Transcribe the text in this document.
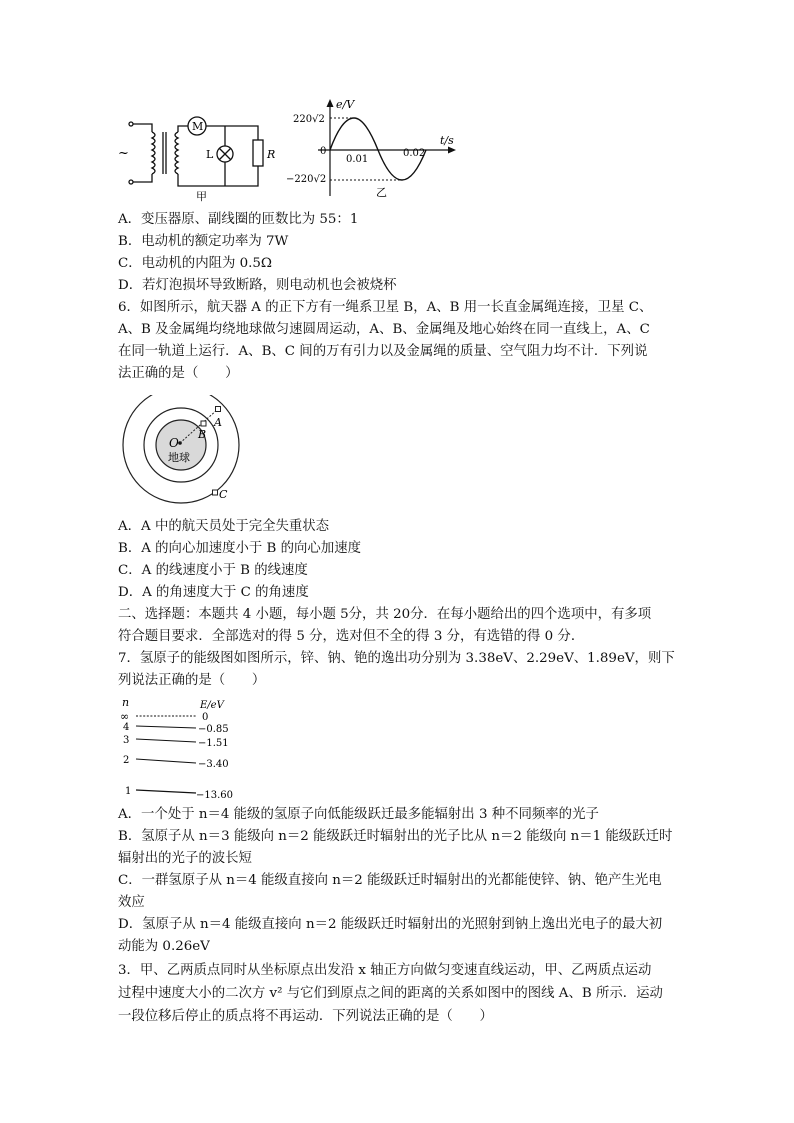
~
M
L	R
甲
e/V
t/s
220√2
−220√2
0
0.01
0.02
乙
A．变压器原、副线圈的匝数比为 55：1
B．电动机的额定功率为 7W
C．电动机的内阻为 0.5Ω
D．若灯泡损坏导致断路，则电动机也会被烧杯
6．如图所示，航天器 A 的正下方有一绳系卫星 B，A、B 用一长直金属绳连接，卫星 C、
A、B 及金属绳均绕地球做匀速圆周运动，A、B、金属绳及地心始终在同一直线上，A、C
在同一轨道上运行．A、B、C 间的万有引力以及金属绳的质量、空气阻力均不计．下列说
法正确的是（　　）
O
地球
A
B
C
A．A 中的航天员处于完全失重状态
B．A 的向心加速度小于 B 的向心加速度
C．A 的线速度小于 B 的线速度
D．A 的角速度大于 C 的角速度
二、选择题：本题共 4 小题，每小题 5分，共 20分．在每小题给出的四个选项中，有多项
符合题目要求．全部选对的得 5 分，选对但不全的得 3 分，有选错的得 0 分．
7．氢原子的能级图如图所示，锌、钠、铯的逸出功分别为 3.38eV、2.29eV、1.89eV，则下
列说法正确的是（　　）
n	E/eV
∞	0
4	−0.85
3	−1.51
2	−3.40
1	−13.60
A．一个处于 n＝4 能级的氢原子向低能级跃迁最多能辐射出 3 种不同频率的光子
B．氢原子从 n＝3 能级向 n＝2 能级跃迁时辐射出的光子比从 n＝2 能级向 n＝1 能级跃迁时
辐射出的光子的波长短
C．一群氢原子从 n＝4 能级直接向 n＝2 能级跃迁时辐射出的光都能使锌、钠、铯产生光电
效应
D．氢原子从 n＝4 能级直接向 n＝2 能级跃迁时辐射出的光照射到钠上逸出光电子的最大初
动能为 0.26eV
3．甲、乙两质点同时从坐标原点出发沿 x 轴正方向做匀变速直线运动，甲、乙两质点运动
过程中速度大小的二次方 v² 与它们到原点之间的距离的关系如图中的图线 A、B 所示．运动
一段位移后停止的质点将不再运动．下列说法正确的是（　　）
